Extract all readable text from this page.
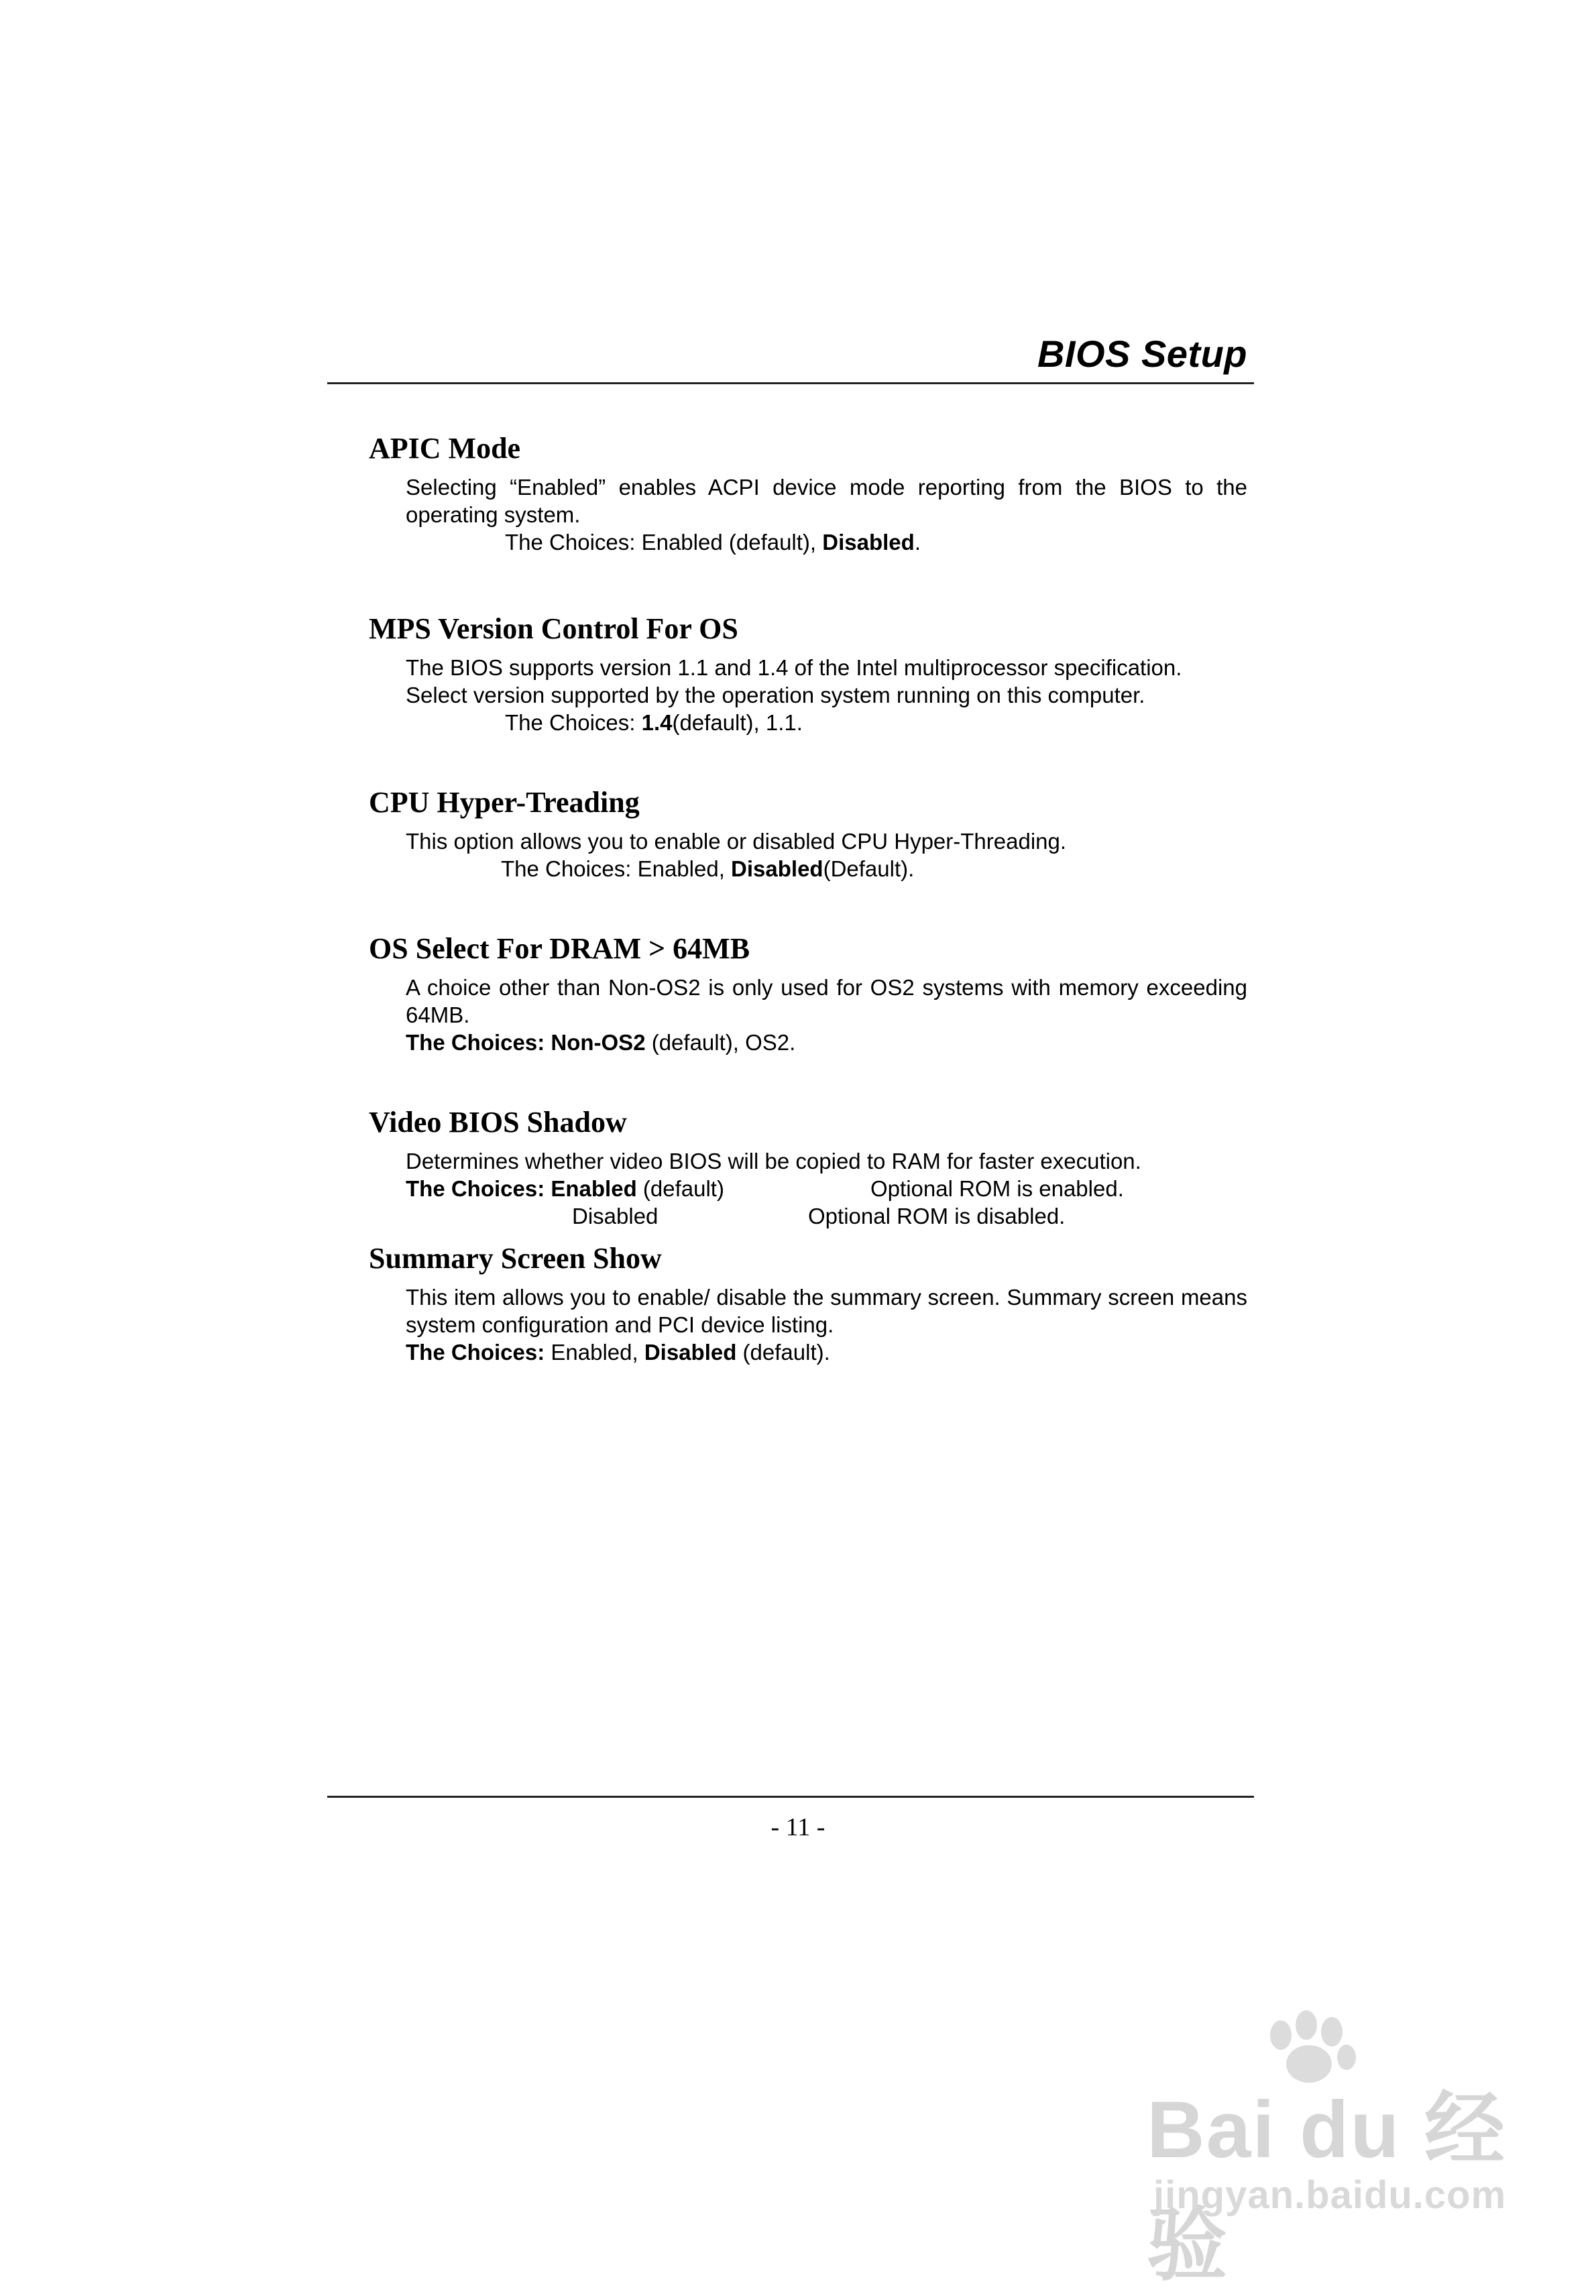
BIOS Setup
APIC Mode

Selecting “Enabled” enables ACPI device mode reporting from the BIOS to the operating system.

The Choices: Enabled (default), Disabled.
MPS Version Control For OS

The BIOS supports version 1.1 and 1.4 of the Intel multiprocessor specification.

Select version supported by the operation system running on this computer.

The Choices: 1.4(default), 1.1.
CPU Hyper-Treading

This option allows you to enable or disabled CPU Hyper-Threading.

The Choices: Enabled, Disabled(Default).
OS Select For DRAM > 64MB

A choice other than Non-OS2 is only used for OS2 systems with memory exceeding 64MB.

The Choices: Non-OS2 (default), OS2.
Video BIOS Shadow

Determines whether video BIOS will be copied to RAM for faster execution.

The Choices: Enabled (default)	Optional ROM is enabled.
Disabled	Optional ROM is disabled.
Summary Screen Show

This item allows you to enable/ disable the summary screen. Summary screen means system configuration and PCI device listing.

The Choices: Enabled, Disabled (default).
- 11 -
Bai du 经验
jingyan.baidu.com
